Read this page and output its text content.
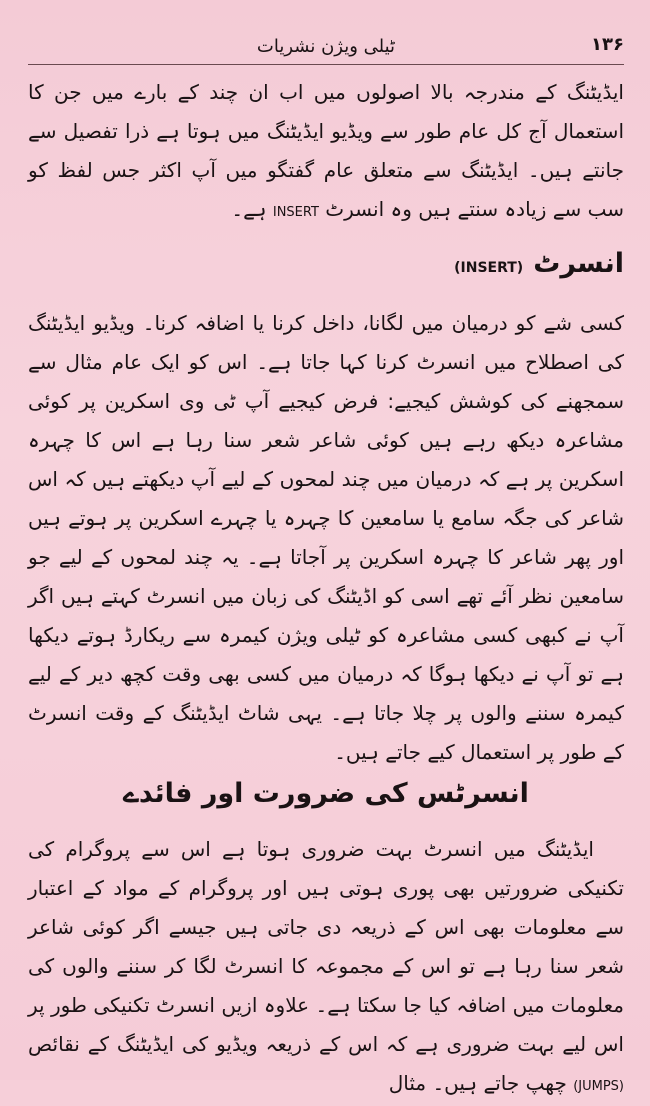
۱۳۶
ٹیلی ویژن نشریات

ایڈیٹنگ کے مندرجہ بالا اصولوں میں اب ان چند کے بارے میں جن کا استعمال آج کل عام طور سے ویڈیو ایڈیٹنگ میں ہوتا ہے ذرا تفصیل سے جانتے ہیں۔ ایڈیٹنگ سے متعلق عام گفتگو میں آپ اکثر جس لفظ کو سب سے زیادہ سنتے ہیں وہ انسرٹ INSERT ہے۔

انسرٹ(INSERT)

کسی شے کو درمیان میں لگانا، داخل کرنا یا اضافہ کرنا۔ ویڈیو ایڈیٹنگ کی اصطلاح میں انسرٹ کرنا کہا جاتا ہے۔ اس کو ایک عام مثال سے سمجھنے کی کوشش کیجیے: فرض کیجیے آپ ٹی وی اسکرین پر کوئی مشاعرہ دیکھ رہے ہیں کوئی شاعر شعر سنا رہا ہے اس کا چہرہ اسکرین پر ہے کہ درمیان میں چند لمحوں کے لیے آپ دیکھتے ہیں کہ اس شاعر کی جگہ سامع یا سامعین کا چہرہ یا چہرے اسکرین پر ہوتے ہیں اور پھر شاعر کا چہرہ اسکرین پر آجاتا ہے۔ یہ چند لمحوں کے لیے جو سامعین نظر آئے تھے اسی کو اڈیٹنگ کی زبان میں انسرٹ کہتے ہیں اگر آپ نے کبھی کسی مشاعرہ کو ٹیلی ویژن کیمرہ سے ریکارڈ ہوتے دیکھا ہے تو آپ نے دیکھا ہوگا کہ درمیان میں کسی بھی وقت کچھ دیر کے لیے کیمرہ سننے والوں پر چلا جاتا ہے۔ یہی شاٹ ایڈیٹنگ کے وقت انسرٹ کے طور پر استعمال کیے جاتے ہیں۔

انسرٹس کی ضرورت اور فائدے

ایڈیٹنگ میں انسرٹ بہت ضروری ہوتا ہے اس سے پروگرام کی تکنیکی ضرورتیں بھی پوری ہوتی ہیں اور پروگرام کے مواد کے اعتبار سے معلومات بھی اس کے ذریعہ دی جاتی ہیں جیسے اگر کوئی شاعر شعر سنا رہا ہے تو اس کے مجموعہ کا انسرٹ لگا کر سننے والوں کی معلومات میں اضافہ کیا جا سکتا ہے۔ علاوہ ازیں انسرٹ تکنیکی طور پر اس لیے بہت ضروری ہے کہ اس کے ذریعہ ویڈیو کی ایڈیٹنگ کے نقائص (JUMPS) چھپ جاتے ہیں۔ مثال
